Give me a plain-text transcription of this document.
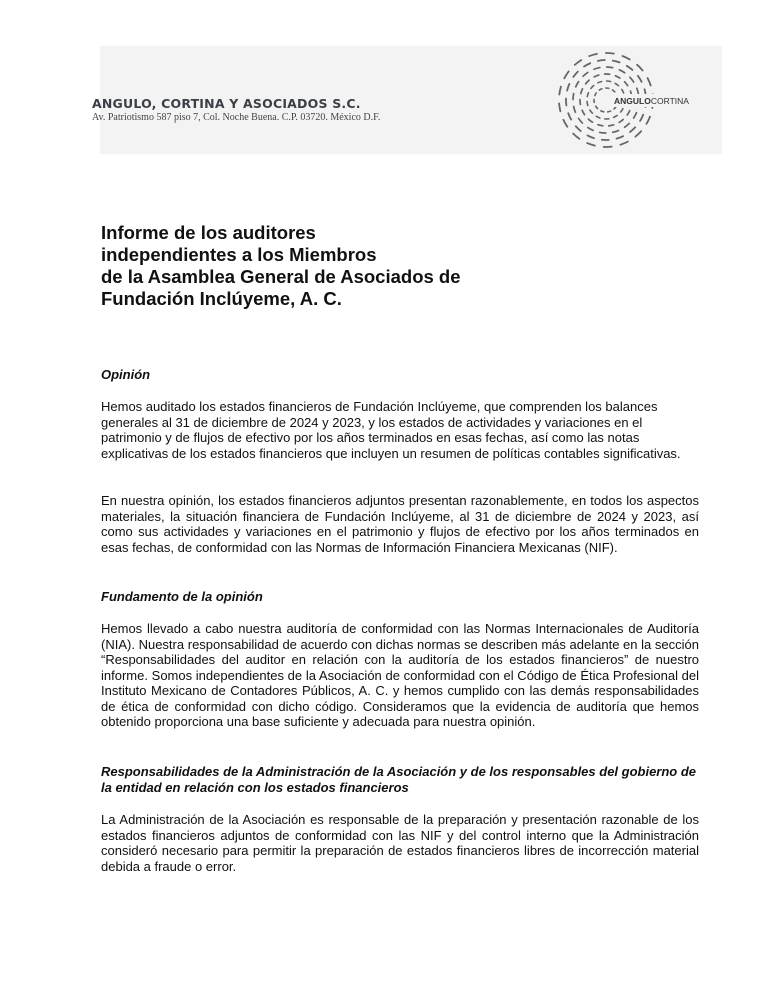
ANGULO, CORTINA Y ASOCIADOS S.C.
Av. Patriotismo 587 piso 7, Col. Noche Buena. C.P. 03720. México D.F.
ANGULOCORTINA
Informe de los auditores
independientes a los Miembros
de la Asamblea General de Asociados de
Fundación Inclúyeme, A. C.
Opinión

Hemos auditado los estados financieros de Fundación Inclúyeme, que comprenden los balances generales al 31 de diciembre de 2024 y 2023, y los estados de actividades y variaciones en el patrimonio y de flujos de efectivo por los años terminados en esas fechas, así como las notas explicativas de los estados financieros que incluyen un resumen de políticas contables significativas.

En nuestra opinión, los estados financieros adjuntos presentan razonablemente, en todos los aspectos materiales, la situación financiera de Fundación Inclúyeme, al 31 de diciembre de 2024 y 2023, así como sus actividades y variaciones en el patrimonio y flujos de efectivo por los años terminados en esas fechas, de conformidad con las Normas de Información Financiera Mexicanas (NIF).

Fundamento de la opinión

Hemos llevado a cabo nuestra auditoría de conformidad con las Normas Internacionales de Auditoría (NIA). Nuestra responsabilidad de acuerdo con dichas normas se describen más adelante en la sección “Responsabilidades del auditor en relación con la auditoría de los estados financieros” de nuestro informe. Somos independientes de la Asociación de conformidad con el Código de Ética Profesional del Instituto Mexicano de Contadores Públicos, A. C. y hemos cumplido con las demás responsabilidades de ética de conformidad con dicho código. Consideramos que la evidencia de auditoría que hemos obtenido proporciona una base suficiente y adecuada para nuestra opinión.

Responsabilidades de la Administración de la Asociación y de los responsables del gobierno de la entidad en relación con los estados financieros

La Administración de la Asociación es responsable de la preparación y presentación razonable de los estados financieros adjuntos de conformidad con las NIF y del control interno que la Administración consideró necesario para permitir la preparación de estados financieros libres de incorrección material debida a fraude o error.
